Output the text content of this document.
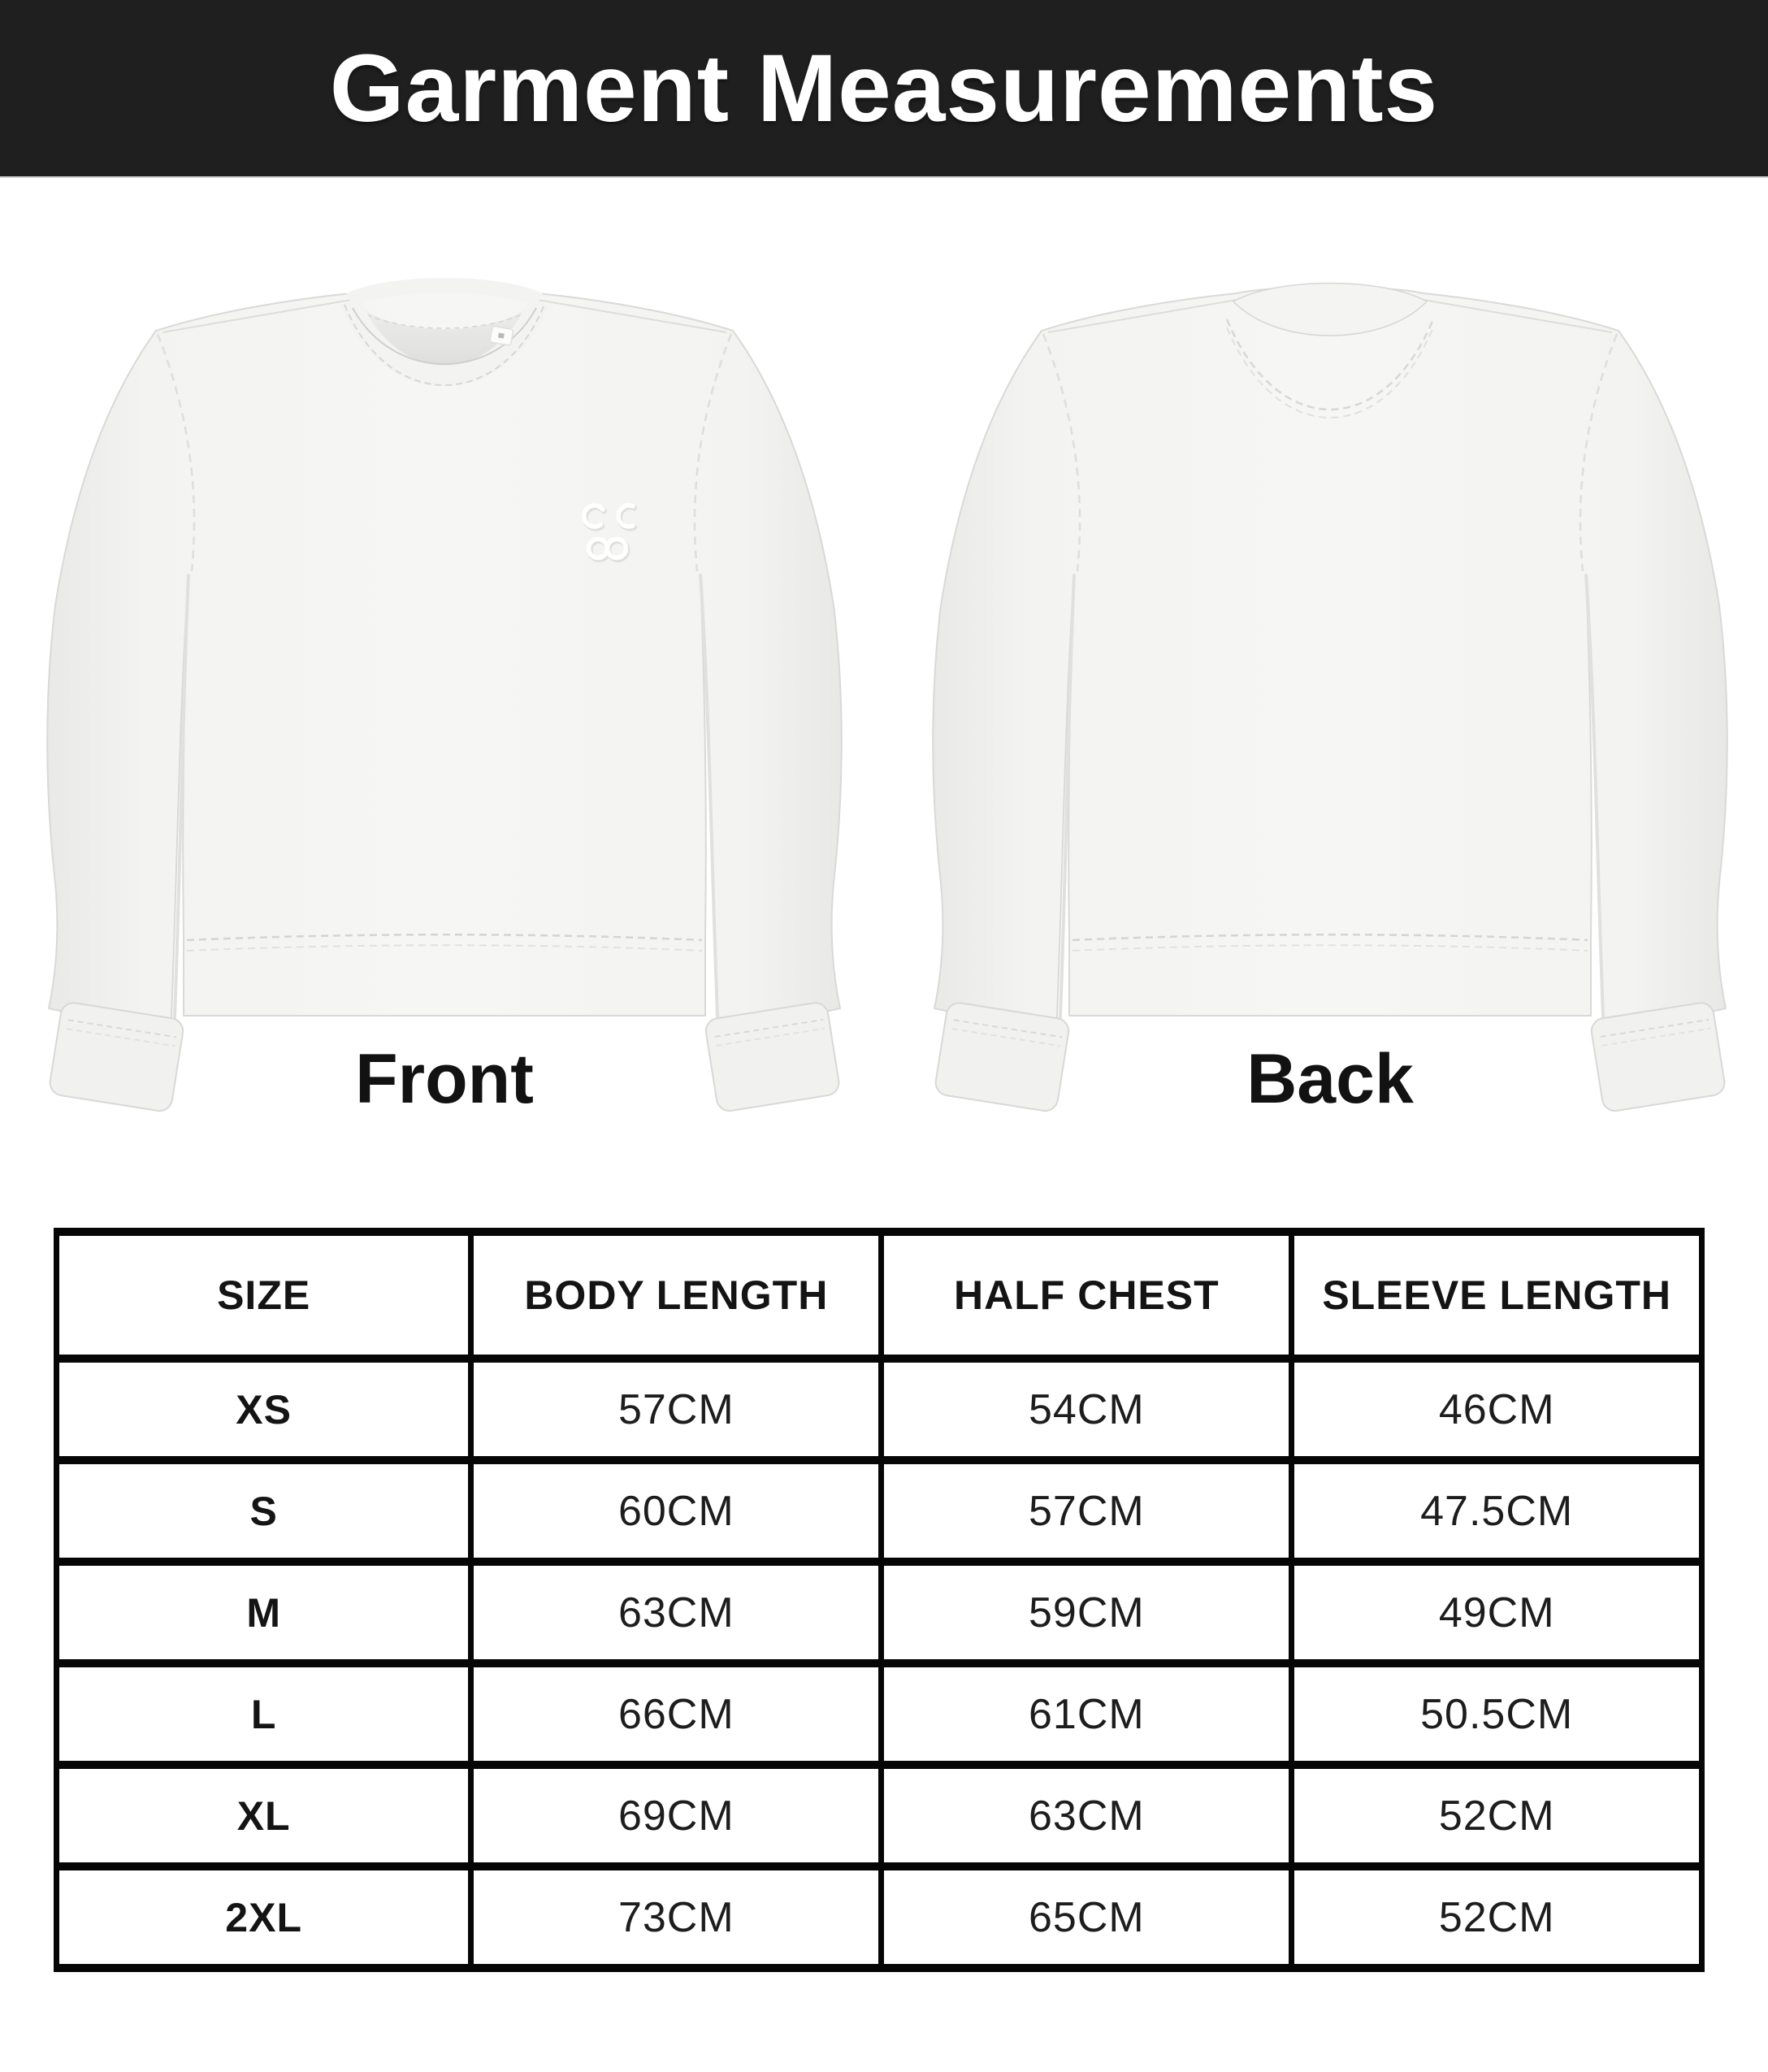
Garment Measurements
Front	Back
SIZE	BODY LENGTH	HALF CHEST	SLEEVE LENGTH
XS	57CM	54CM	46CM
S	60CM	57CM	47.5CM
M	63CM	59CM	49CM
L	66CM	61CM	50.5CM
XL	69CM	63CM	52CM
2XL	73CM	65CM	52CM
